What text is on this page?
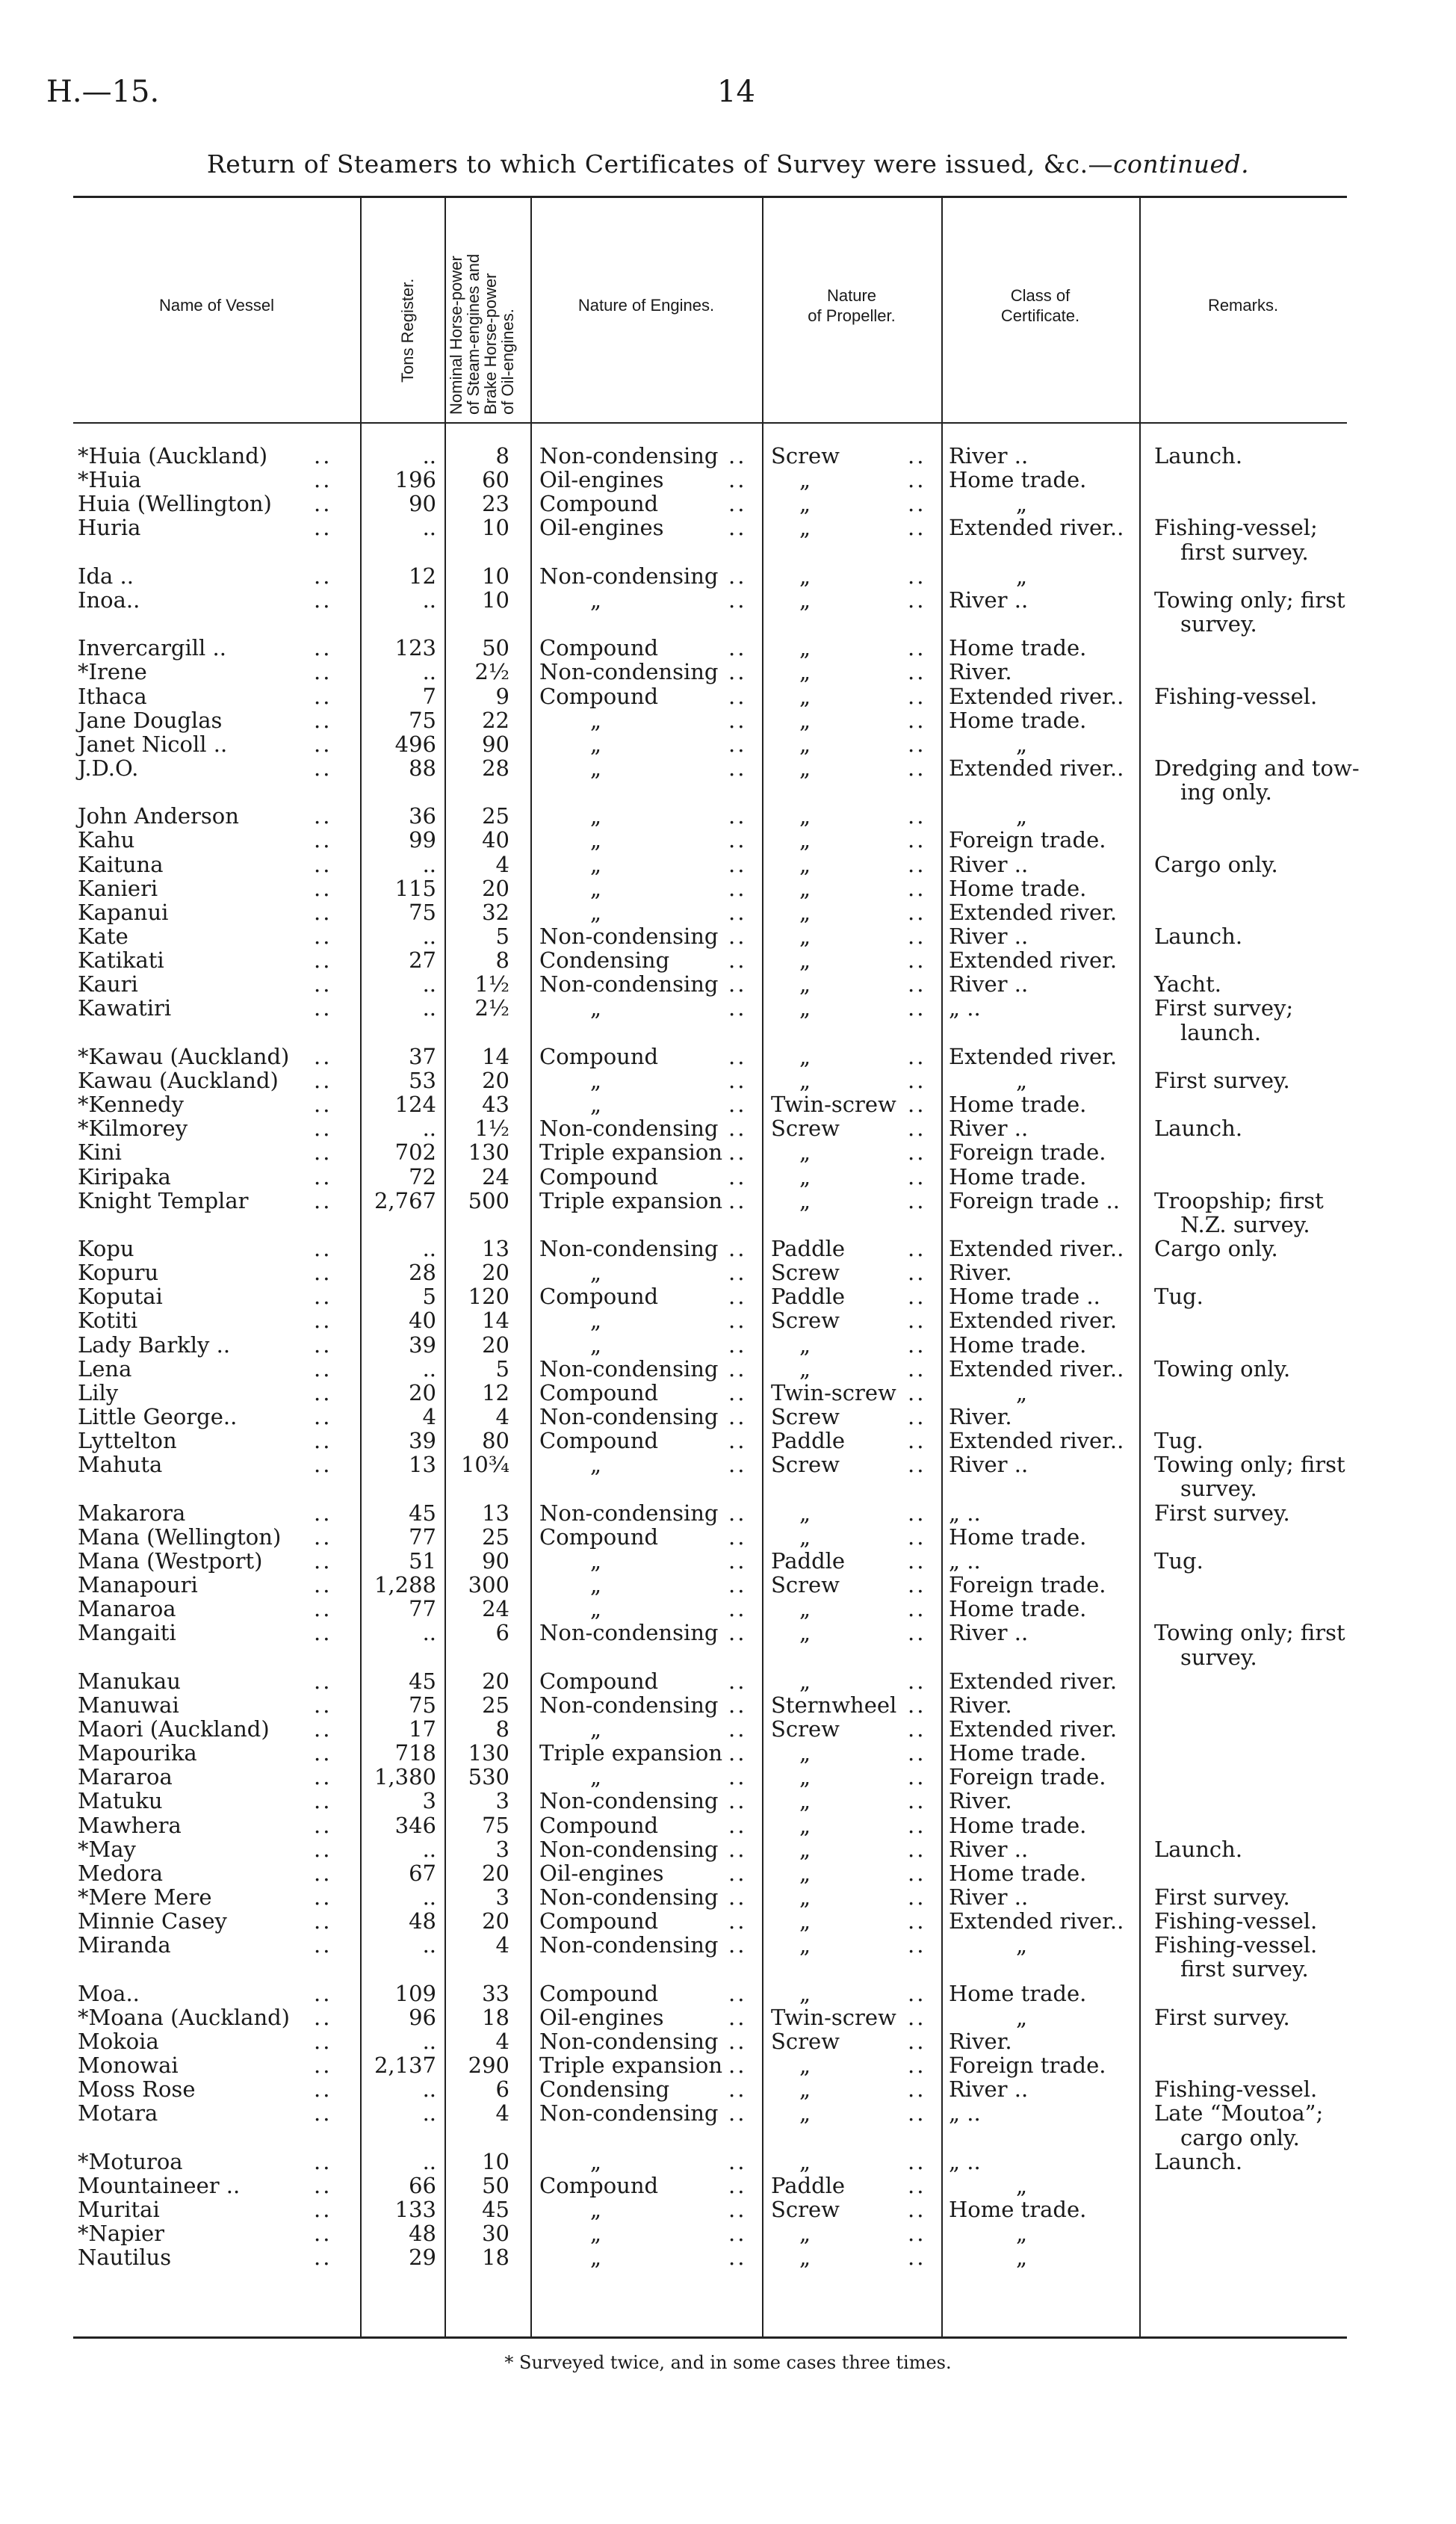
H.—15.	14
Return of Steamers to which Certificates of Survey were issued, &c.—continued.
Name of Vessel	Tons Register. Nominal Horse-power
of Steam-engines and
Brake Horse-power
of Oil-engines.
Nature of Engines.
Nature
of Propeller.
Class of
Certificate.
Remarks.
*Huia (Auckland) ..	..	8 Non-condensing .. Screw	.. River ..	Launch.
*Huia	..	196	60 Oil-engines	.. „	.. Home trade.
Huia (Wellington) ..	90	23 Compound	.. „	..	„
Huria	..	..	10 Oil-engines	.. „	.. Extended river.. Fishing-vessel;
first survey.
Ida ..	..	12	10 Non-condensing .. „	..	„
Inoa..	..	..	10	„	.. „	.. River ..	Towing only; first
survey.
Invercargill ..	..	123	50 Compound	.. „	.. Home trade.
*Irene	..	..	2½ Non-condensing .. „	.. River.
Ithaca	..	7	9 Compound	.. „	.. Extended river.. Fishing-vessel.
Jane Douglas	..	75	22	„	.. „	.. Home trade.
Janet Nicoll ..	..	496	90	„	.. „	..	„
J.D.O.	..	88	28	„	.. „	.. Extended river.. Dredging and tow-
ing only.
John Anderson	..	36	25	„	.. „	..	„
Kahu	..	99	40	„	.. „	.. Foreign trade.
Kaituna	..	..	4	„	.. „	.. River ..	Cargo only.
Kanieri	..	115	20	„	.. „	.. Home trade.
Kapanui	..	75	32	„	.. „	.. Extended river.
Kate	..	..	5 Non-condensing .. „	.. River ..	Launch.
Katikati	..	27	8 Condensing	.. „	.. Extended river.
Kauri	..	..	1½ Non-condensing .. „	.. River ..	Yacht.
Kawatiri	..	..	2½	„	.. „	.. „ ..	First survey;
launch.
*Kawau (Auckland) ..	37	14 Compound	.. „	.. Extended river.
Kawau (Auckland) ..	53	20	„	.. „	..	„	First survey.
*Kennedy	..	124	43	„	.. Twin-screw .. Home trade.
*Kilmorey	..	..	1½ Non-condensing .. Screw	.. River ..	Launch.
Kini	..	702	130 Triple expansion .. „	.. Foreign trade.
Kiripaka	..	72	24 Compound	.. „	.. Home trade.
Knight Templar	..	2,767	500 Triple expansion .. „	.. Foreign trade .. Troopship; first
N.Z. survey.
Kopu	..	..	13 Non-condensing .. Paddle	.. Extended river.. Cargo only.
Kopuru	..	28	20	„	.. Screw	.. River.
Koputai	..	5	120 Compound	.. Paddle	.. Home trade .. Tug.
Kotiti	..	40	14	„	.. Screw	.. Extended river.
Lady Barkly ..	..	39	20	„	.. „	.. Home trade.
Lena	..	..	5 Non-condensing .. „	.. Extended river.. Towing only.
Lily	..	20	12 Compound	.. Twin-screw ..	„
Little George..	..	4	4 Non-condensing .. Screw	.. River.
Lyttelton	..	39	80 Compound	.. Paddle	.. Extended river.. Tug.
Mahuta	..	13	10¾	„	.. Screw	.. River ..	Towing only; first
survey.
Makarora	..	45	13 Non-condensing .. „	.. „ ..	First survey.
Mana (Wellington) ..	77	25 Compound	.. „	.. Home trade.
Mana (Westport) ..	51	90	„	.. Paddle	.. „ ..	Tug.
Manapouri	..	1,288	300	„	.. Screw	.. Foreign trade.
Manaroa	..	77	24	„	.. „	.. Home trade.
Mangaiti	..	..	6 Non-condensing .. „	.. River ..	Towing only; first
survey.
Manukau	..	45	20 Compound	.. „	.. Extended river.
Manuwai	..	75	25 Non-condensing .. Sternwheel .. River.
Maori (Auckland) ..	17	8	„	.. Screw	.. Extended river.
Mapourika	..	718	130 Triple expansion .. „	.. Home trade.
Mararoa	..	1,380	530	„	.. „	.. Foreign trade.
Matuku	..	3	3 Non-condensing .. „	.. River.
Mawhera	..	346	75 Compound	.. „	.. Home trade.
*May	..	..	3 Non-condensing .. „	.. River ..	Launch.
Medora	..	67	20 Oil-engines	.. „	.. Home trade.
*Mere Mere	..	..	3 Non-condensing .. „	.. River ..	First survey.
Minnie Casey	..	48	20 Compound	.. „	.. Extended river.. Fishing-vessel.
Miranda	..	..	4 Non-condensing .. „	..	„	Fishing-vessel.
first survey.
Moa..	..	109	33 Compound	.. „	.. Home trade.
*Moana (Auckland) ..	96	18 Oil-engines	.. Twin-screw ..	„	First survey.
Mokoia	..	..	4 Non-condensing .. Screw	.. River.
Monowai	..	2,137	290 Triple expansion .. „	.. Foreign trade.
Moss Rose	..	..	6 Condensing	.. „	.. River ..	Fishing-vessel.
Motara	..	..	4 Non-condensing .. „	.. „ ..	Late “Moutoa”;
cargo only.
*Moturoa	..	..	10	„	.. „	.. „ ..	Launch.
Mountaineer ..	..	66	50 Compound	.. Paddle	..	„
Muritai	..	133	45	„	.. Screw	.. Home trade.
*Napier	..	48	30	„	.. „	..	„
Nautilus	..	29	18	„	.. „	..	„
* Surveyed twice, and in some cases three times.
